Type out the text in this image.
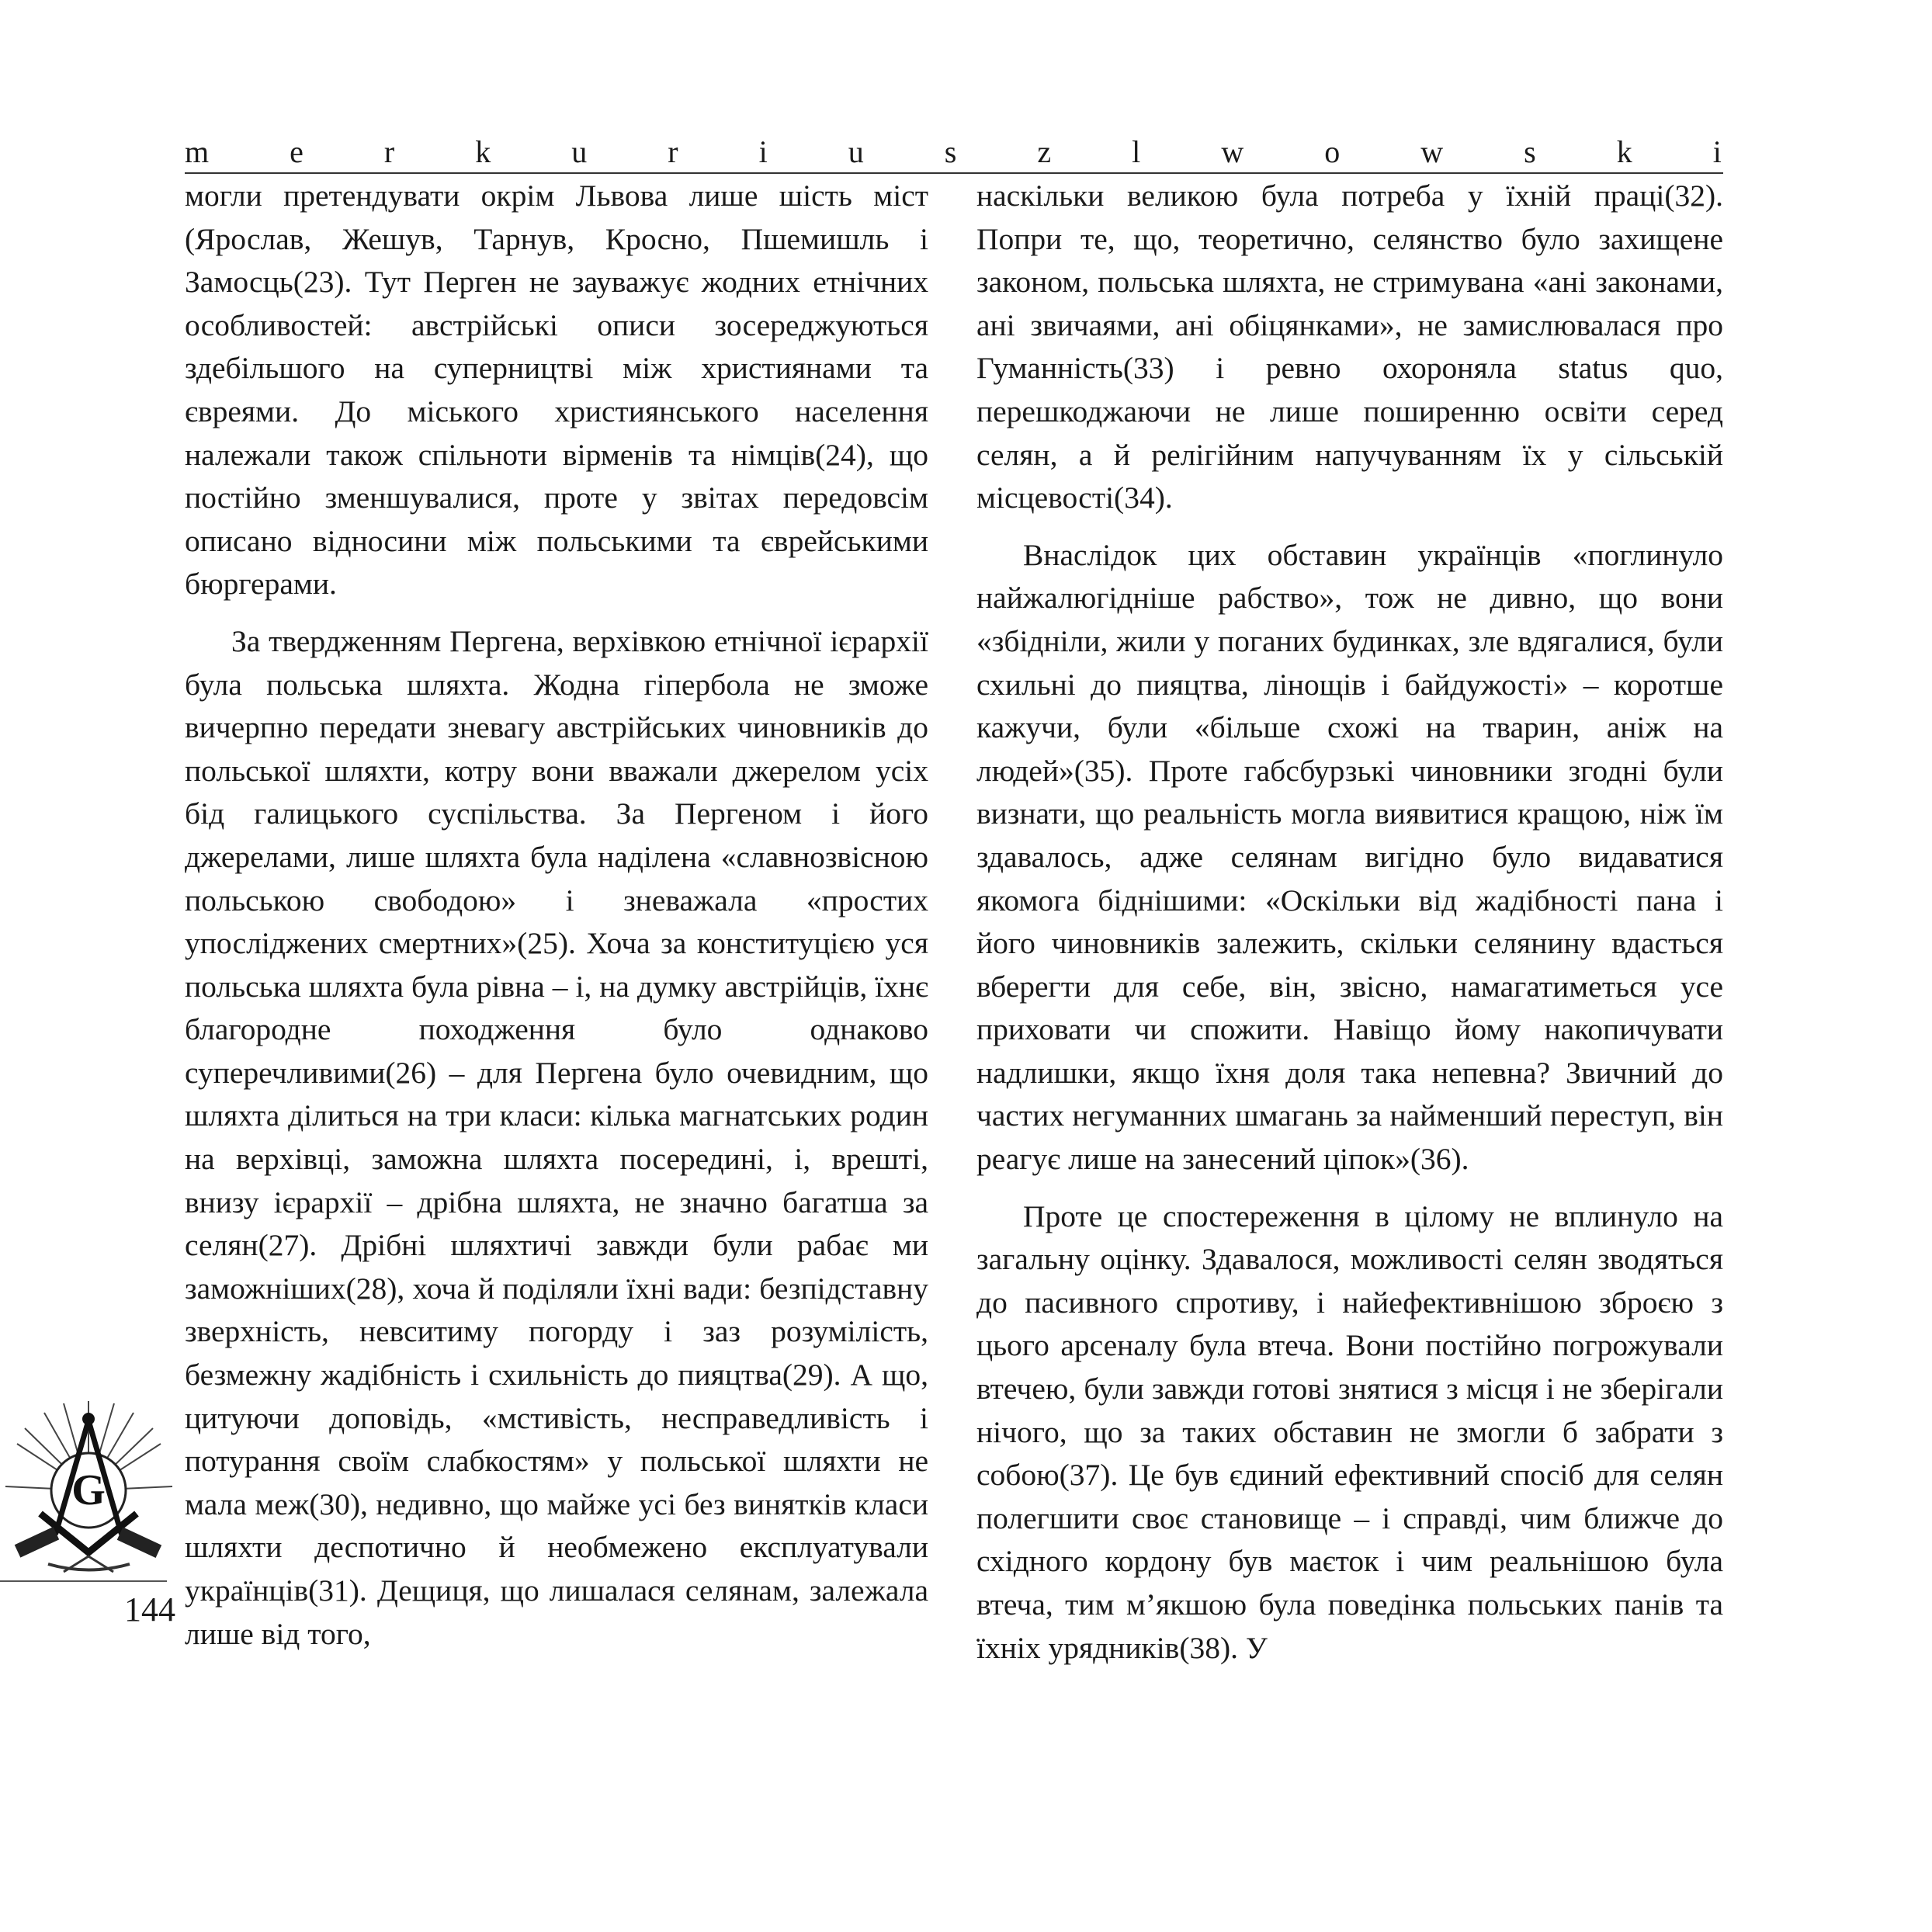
m	e	r	k	u	r	i	u	s	z	l	w	o	w	s	k	i

могли претендувати окрім Львова лише шість міст (Ярослав, Жешув, Тарнув, Кросно, Пшемишль і Замосць(23). Тут Перген не зауважує жодних етнічних особливостей: австрійські описи зосереджуються здебільшого на суперництві між християнами та євреями. До міського християнського населення належали також спільноти вірменів та німців(24), що постійно зменшувалися, проте у звітах передовсім описано відносини між польськими та єврейськими бюргерами.

За твердженням Пергена, верхівкою етнічної ієрархії була польська шляхта. Жодна гіпербола не зможе вичерпно передати зневагу австрійських чиновників до польської шляхти, котру вони вважали джерелом усіх бід галицького суспільства. За Пергеном і його джерелами, лише шляхта була наділена «славнозвісною польською свободою» і зневажала «простих упосліджених смертних»(25). Хоча за конституцією уся польська шляхта була рівна – і, на думку австрійців, їхнє благородне походження було однаково суперечливими(26) – для Пергена було очевидним, що шляхта ділиться на три класи: кілька магнатських родин на верхівці, заможна шляхта посередині, і, врешті, внизу ієрархії – дрібна шляхта, не значно багатша за селян(27). Дрібні шляхтичі завжди були рабає ми заможніших(28), хоча й поділяли їхні вади: безпідставну зверхність, невситиму погорду і заз розумілість, безмежну жадібність і схильність до пияцтва(29). А що, цитуючи доповідь, «мстивість, несправедливість і потурання своїм слабкостям» у польської шляхти не мала меж(30), недивно, що майже усі без винятків класи шляхти деспотично й необмежено експлуатували українців(31). Дещиця, що лишалася селянам, залежала лише від того,

наскільки великою була потреба у їхній праці(32). Попри те, що, теоретично, селянство було захищене законом, польська шляхта, не стримувана «ані законами, ані звичаями, ані обіцянками», не замислювалася про Гуманність(33) і ревно охороняла status quo, перешкоджаючи не лише поширенню освіти серед селян, а й релігійним напучуванням їх у сільській місцевості(34).

Внаслідок цих обставин українців «поглинуло найжалюгідніше рабство», тож не дивно, що вони «збідніли, жили у поганих будинках, зле вдягалися, були схильні до пияцтва, лінощів і байдужості» – коротше кажучи, були «більше схожі на тварин, аніж на людей»(35). Проте габсбурзькі чиновники згодні були визнати, що реальність могла виявитися кращою, ніж їм здавалось, адже селянам вигідно було видаватися якомога біднішими: «Оскільки від жадібності пана і його чиновників залежить, скільки селянину вдасться вберегти для себе, він, звісно, намагатиметься усе приховати чи спожити. Навіщо йому накопичувати надлишки, якщо їхня доля така непевна? Звичний до частих негуманних шмагань за найменший переступ, він реагує лише на занесений ціпок»(36).

Проте це спостереження в цілому не вплинуло на загальну оцінку. Здавалося, можливості селян зводяться до пасивного спротиву, і найефективнішою зброєю з цього арсеналу була втеча. Вони постійно погрожували втечею, були завжди готові знятися з місця і не зберігали нічого, що за таких обставин не змогли б забрати з собою(37). Це був єдиний ефективний спосіб для селян полегшити своє становище – і справді, чим ближче до східного кордону був маєток і чим реальнішою була втеча, тим м’якшою була поведінка польських панів та їхніх урядників(38). У

G
144
